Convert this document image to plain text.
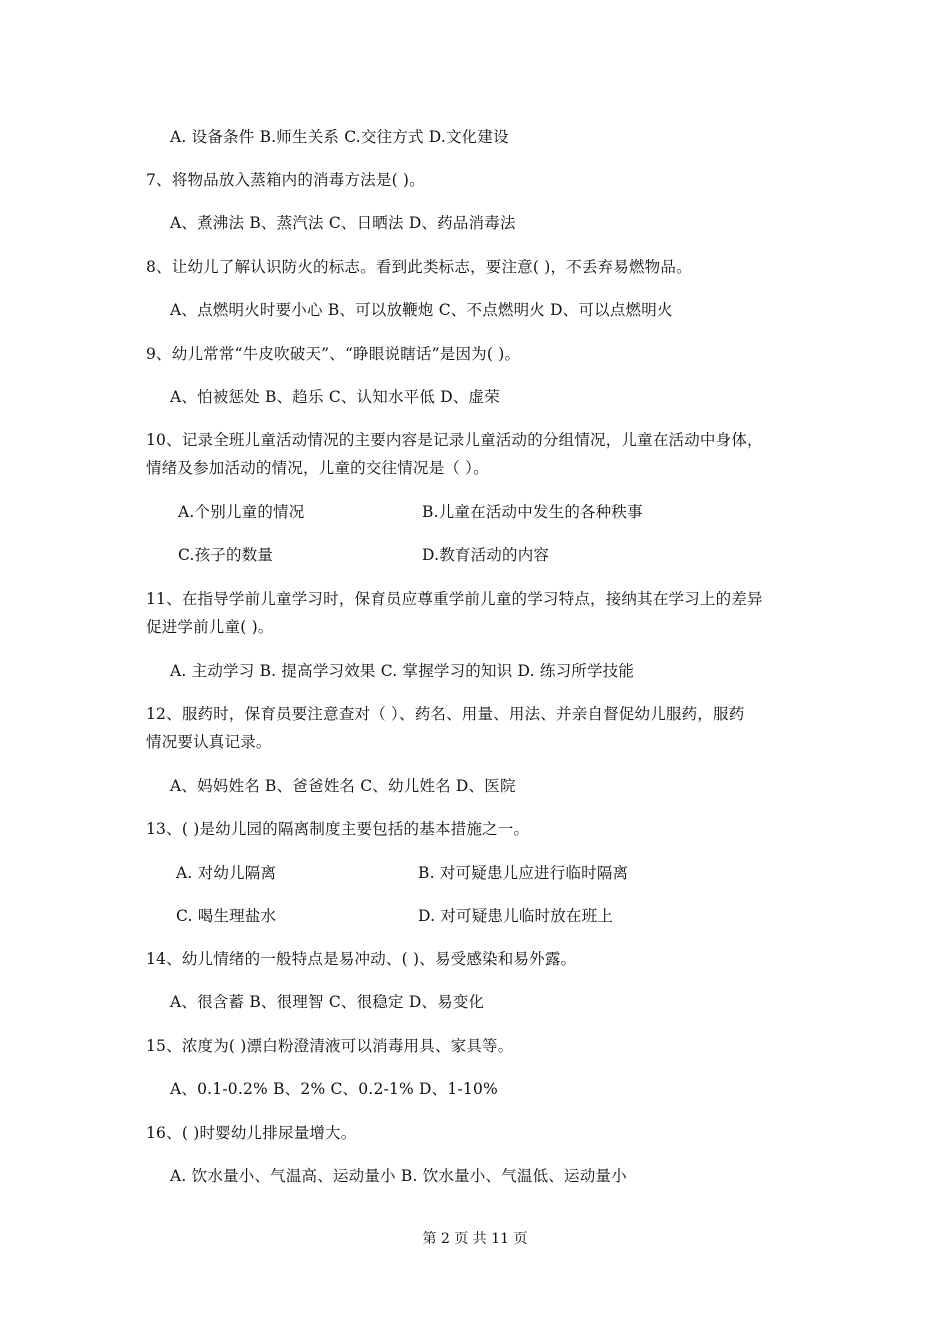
A. 设备条件 B.师生关系 C.交往方式 D.文化建设
7、将物品放入蒸箱内的消毒方法是( )。
A、煮沸法 B、蒸汽法 C、日晒法 D、药品消毒法
8、让幼儿了解认识防火的标志。看到此类标志，要注意( )，不丢弃易燃物品。
A、点燃明火时要小心 B、可以放鞭炮 C、不点燃明火 D、可以点燃明火
9、幼儿常常“牛皮吹破天”、“睁眼说瞎话”是因为( )。
A、怕被惩处 B、趋乐 C、认知水平低 D、虚荣
10、记录全班儿童活动情况的主要内容是记录儿童活动的分组情况，儿童在活动中身体，
情绪及参加活动的情况，儿童的交往情况是（ ）。
A.个别儿童的情况	B.儿童在活动中发生的各种秩事
C.孩子的数量	D.教育活动的内容
11、在指导学前儿童学习时，保育员应尊重学前儿童的学习特点，接纳其在学习上的差异
促进学前儿童( )。
A. 主动学习 B. 提高学习效果 C. 掌握学习的知识 D. 练习所学技能
12、服药时，保育员要注意查对（ ）、药名、用量、用法、并亲自督促幼儿服药，服药
情况要认真记录。
A、妈妈姓名 B、爸爸姓名 C、幼儿姓名 D、医院
13、( )是幼儿园的隔离制度主要包括的基本措施之一。
A. 对幼儿隔离	B. 对可疑患儿应进行临时隔离
C. 喝生理盐水	D. 对可疑患儿临时放在班上
14、幼儿情绪的一般特点是易冲动、( )、易受感染和易外露。
A、很含蓄 B、很理智 C、很稳定 D、易变化
15、浓度为( )漂白粉澄清液可以消毒用具、家具等。
A、0.1-0.2% B、2% C、0.2-1% D、1-10%
16、( )时婴幼儿排尿量增大。
A. 饮水量小、气温高、运动量小 B. 饮水量小、气温低、运动量小
第 2 页 共 11 页
